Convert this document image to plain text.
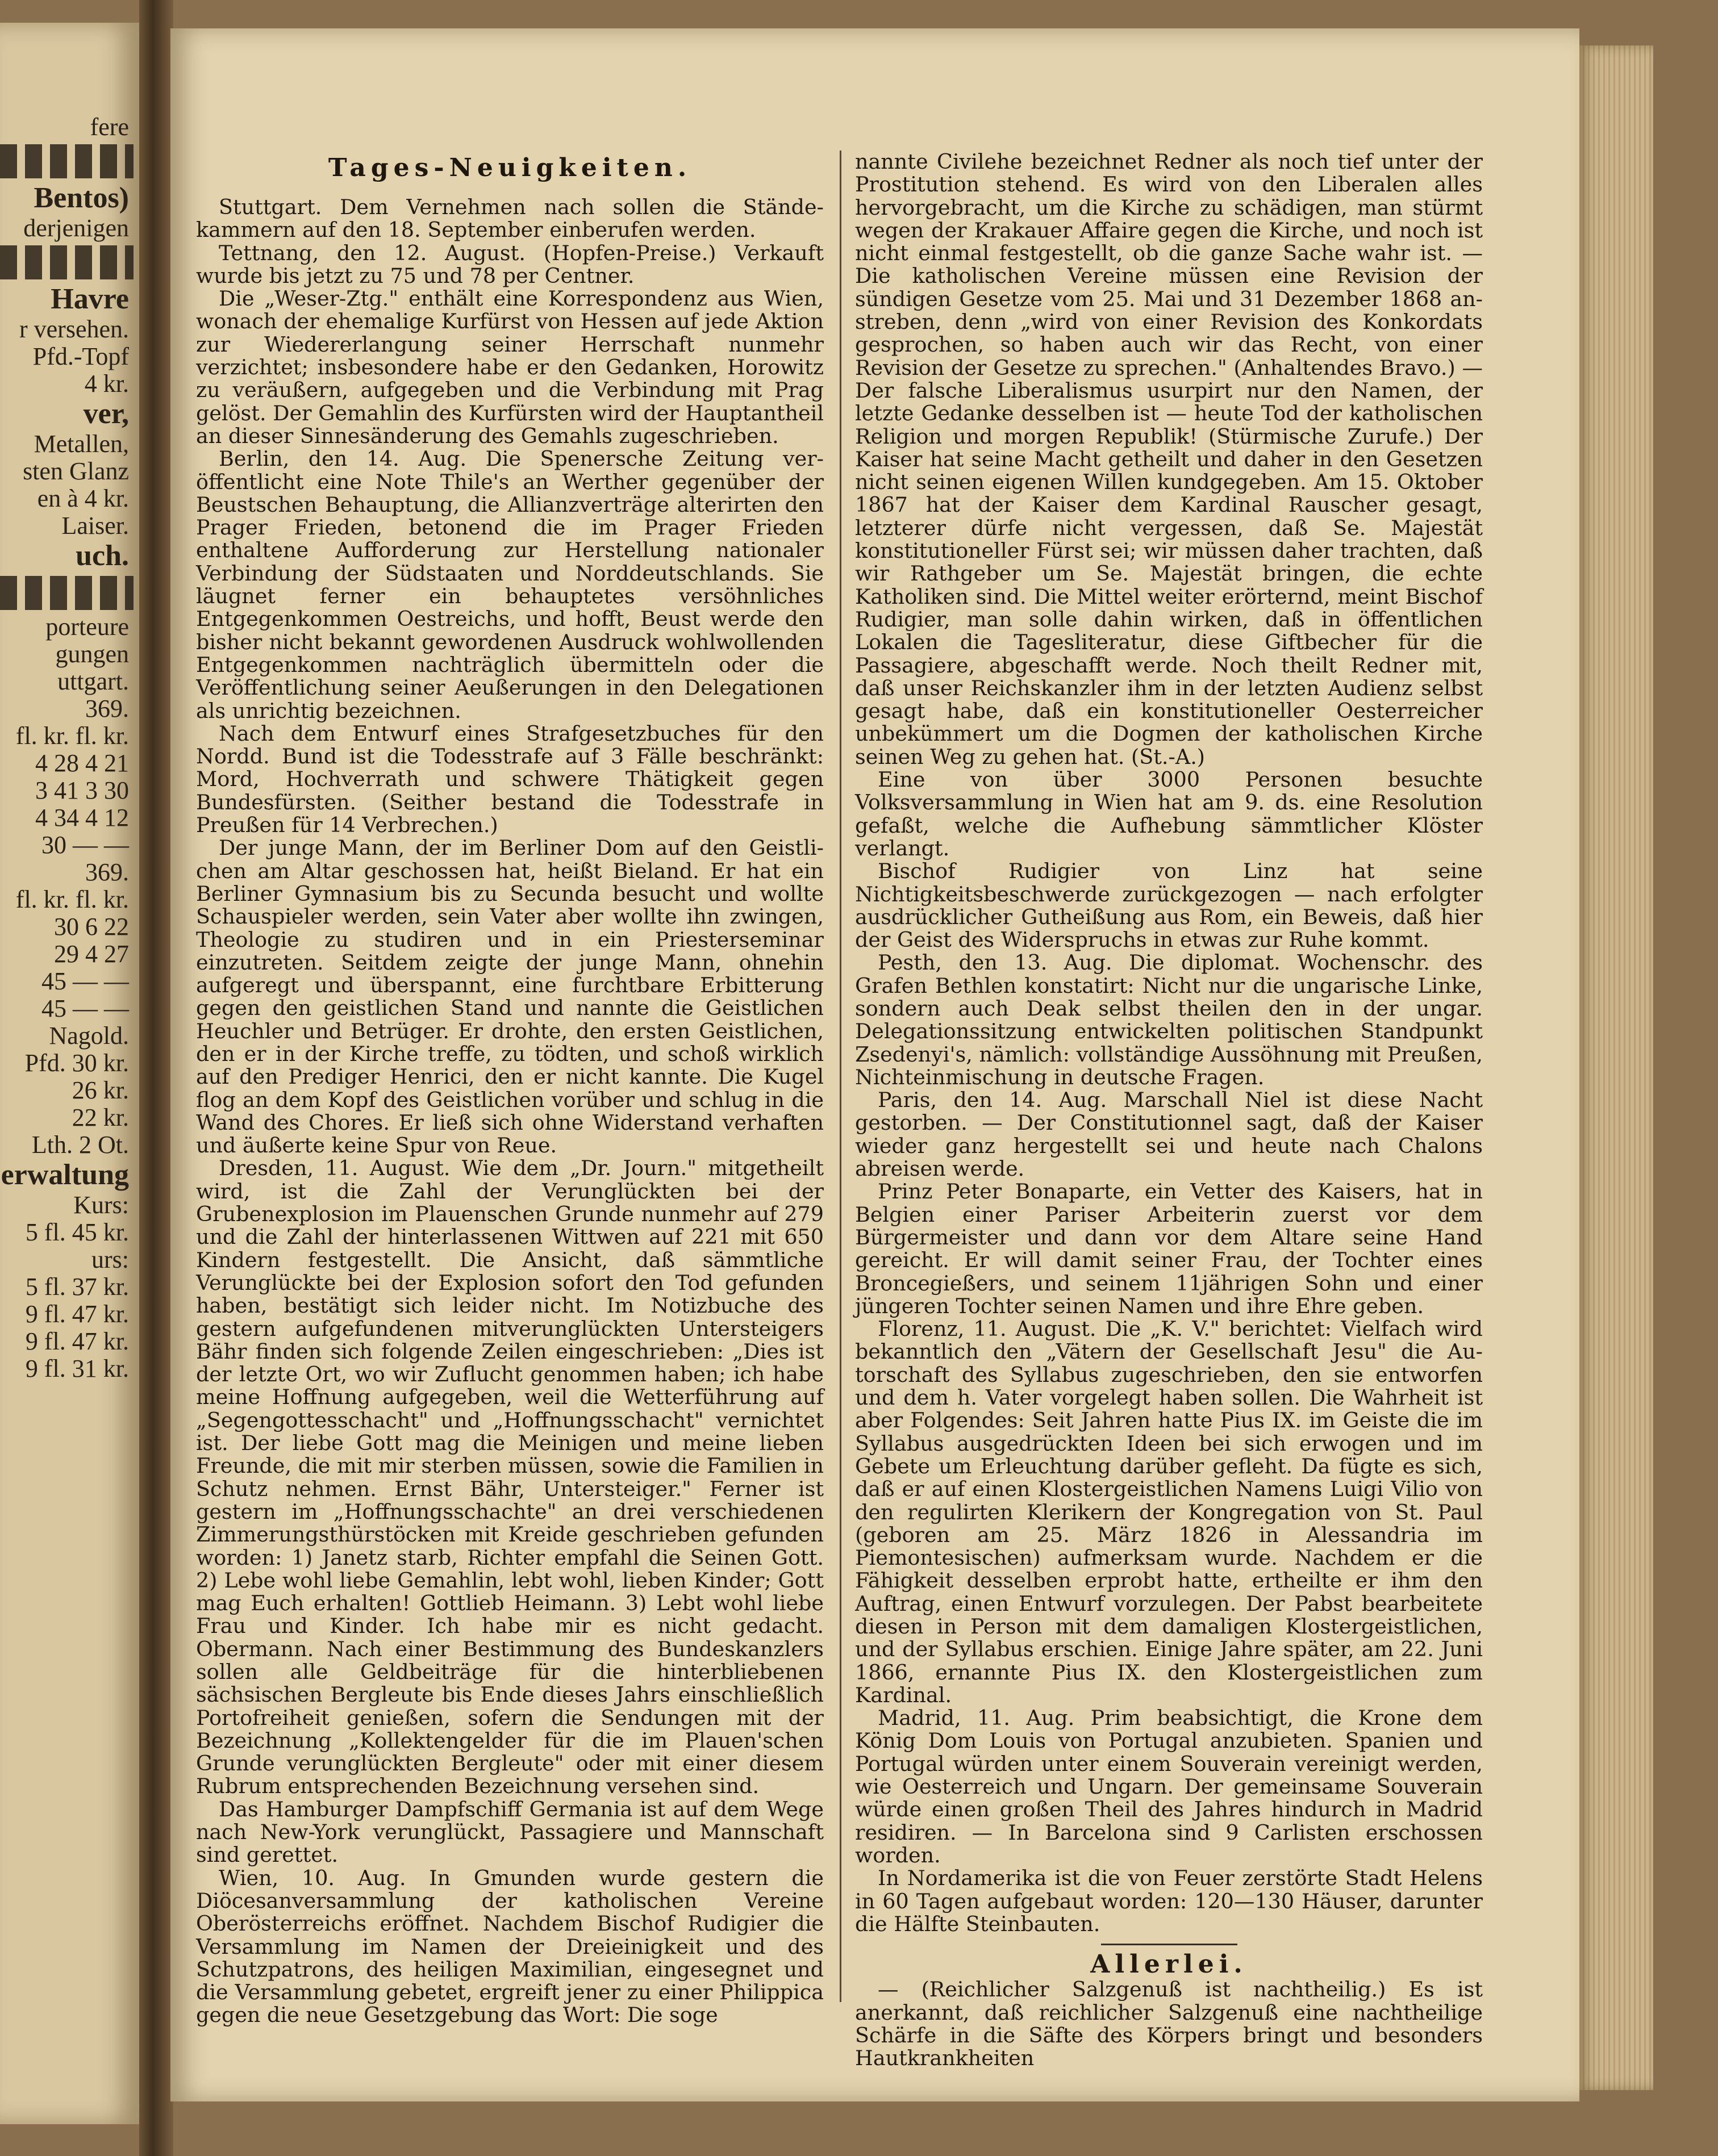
fere
Bentos)
derjenigen
Havre
r versehen.
Pfd.-Topf
4 kr.
ver,
Metallen,
sten Glanz
en à 4 kr.
Laiser.
uch.
porteure
gungen
uttgart.
369.
fl. kr. fl. kr.
4 28 4 21
3 41 3 30
4 34 4 12
30 — —
369.
fl. kr. fl. kr.
30 6 22
29 4 27
45 — —
45 — —
Nagold.
Pfd. 30 kr.
26 kr.
22 kr.
Lth. 2 Ot.
erwaltung
Kurs:
5 fl. 45 kr.
urs:
5 fl. 37 kr.
9 fl. 47 kr.
9 fl. 47 kr.
9 fl. 31 kr.
Tages-Neuigkeiten.

Stuttgart. Dem Vernehmen nach sollen die Ständekammern auf den 18. September einberufen werden.

Tettnang, den 12. August. (Hopfen-Preise.) Verkauft wurde bis jetzt zu 75 und 78 per Centner.

Die „Weser-Ztg." enthält eine Korrespondenz aus Wien, wonach der ehemalige Kurfürst von Hessen auf jede Aktion zur Wiedererlangung seiner Herrschaft nunmehr verzichtet; insbesondere habe er den Gedanken, Horowitz zu veräußern, aufgegeben und die Verbindung mit Prag gelöst. Der Gemahlin des Kurfürsten wird der Hauptantheil an dieser Sinnesänderung des Gemahls zugeschrieben.

Berlin, den 14. Aug. Die Spenersche Zeitung veröffentlicht eine Note Thile's an Werther gegenüber der Beustschen Behauptung, die Allianzverträge alterirten den Prager Frieden, betonend die im Prager Frieden enthaltene Aufforderung zur Herstellung nationaler Verbindung der Südstaaten und Norddeutschlands. Sie läugnet ferner ein behauptetes versöhnliches Entgegenkommen Oestreichs, und hofft, Beust werde den bisher nicht bekannt gewordenen Ausdruck wohlwollenden Entgegenkommen nachträglich übermitteln oder die Veröffentlichung seiner Aeußerungen in den Delegationen als unrichtig bezeichnen.

Nach dem Entwurf eines Strafgesetzbuches für den Nordd. Bund ist die Todesstrafe auf 3 Fälle beschränkt: Mord, Hochverrath und schwere Thätigkeit gegen Bundesfürsten. (Seither bestand die Todesstrafe in Preußen für 14 Verbrechen.)

Der junge Mann, der im Berliner Dom auf den Geistlichen am Altar geschossen hat, heißt Bieland. Er hat ein Berliner Gymnasium bis zu Secunda besucht und wollte Schauspieler werden, sein Vater aber wollte ihn zwingen, Theologie zu studiren und in ein Priesterseminar einzutreten. Seitdem zeigte der junge Mann, ohnehin aufgeregt und überspannt, eine furchtbare Erbitterung gegen den geistlichen Stand und nannte die Geistlichen Heuchler und Betrüger. Er drohte, den ersten Geistlichen, den er in der Kirche treffe, zu tödten, und schoß wirklich auf den Prediger Henrici, den er nicht kannte. Die Kugel flog an dem Kopf des Geistlichen vorüber und schlug in die Wand des Chores. Er ließ sich ohne Widerstand verhaften und äußerte keine Spur von Reue.

Dresden, 11. August. Wie dem „Dr. Journ." mitgetheilt wird, ist die Zahl der Verunglückten bei der Grubenexplosion im Plauenschen Grunde nunmehr auf 279 und die Zahl der hinterlassenen Wittwen auf 221 mit 650 Kindern festgestellt. Die Ansicht, daß sämmtliche Verunglückte bei der Explosion sofort den Tod gefunden haben, bestätigt sich leider nicht. Im Notizbuche des gestern aufgefundenen mitverunglückten Untersteigers Bähr finden sich folgende Zeilen eingeschrieben: „Dies ist der letzte Ort, wo wir Zuflucht genommen haben; ich habe meine Hoffnung aufgegeben, weil die Wetterführung auf „Segengottesschacht" und „Hoffnungsschacht" vernichtet ist. Der liebe Gott mag die Meinigen und meine lieben Freunde, die mit mir sterben müssen, sowie die Familien in Schutz nehmen. Ernst Bähr, Untersteiger." Ferner ist gestern im „Hoffnungsschachte" an drei verschiedenen Zimmerungsthürstöcken mit Kreide geschrieben gefunden worden: 1) Janetz starb, Richter empfahl die Seinen Gott. 2) Lebe wohl liebe Gemahlin, lebt wohl, lieben Kinder; Gott mag Euch erhalten! Gottlieb Heimann. 3) Lebt wohl liebe Frau und Kinder. Ich habe mir es nicht gedacht. Obermann. Nach einer Bestimmung des Bundeskanzlers sollen alle Geldbeiträge für die hinterbliebenen sächsischen Bergleute bis Ende dieses Jahrs einschließlich Portofreiheit genießen, sofern die Sendungen mit der Bezeichnung „Kollektengelder für die im Plauen'schen Grunde verunglückten Bergleute" oder mit einer diesem Rubrum entsprechenden Bezeichnung versehen sind.

Das Hamburger Dampfschiff Germania ist auf dem Wege nach New-York verunglückt, Passagiere und Mannschaft sind gerettet.

Wien, 10. Aug. In Gmunden wurde gestern die Diöcesanversammlung der katholischen Vereine Oberösterreichs eröffnet. Nachdem Bischof Rudigier die Versammlung im Namen der Dreieinigkeit und des Schutzpatrons, des heiligen Maximilian, eingesegnet und die Versammlung gebetet, ergreift jener zu einer Philippica gegen die neue Gesetzgebung das Wort: Die soge

nannte Civilehe bezeichnet Redner als noch tief unter der Prostitution stehend. Es wird von den Liberalen alles hervorgebracht, um die Kirche zu schädigen, man stürmt wegen der Krakauer Affaire gegen die Kirche, und noch ist nicht einmal festgestellt, ob die ganze Sache wahr ist. — Die katholischen Vereine müssen eine Revision der sündigen Gesetze vom 25. Mai und 31 Dezember 1868 anstreben, denn „wird von einer Revision des Konkordats gesprochen, so haben auch wir das Recht, von einer Revision der Gesetze zu sprechen." (Anhaltendes Bravo.) — Der falsche Liberalismus usurpirt nur den Namen, der letzte Gedanke desselben ist — heute Tod der katholischen Religion und morgen Republik! (Stürmische Zurufe.) Der Kaiser hat seine Macht getheilt und daher in den Gesetzen nicht seinen eigenen Willen kundgegeben. Am 15. Oktober 1867 hat der Kaiser dem Kardinal Rauscher gesagt, letzterer dürfe nicht vergessen, daß Se. Majestät konstitutioneller Fürst sei; wir müssen daher trachten, daß wir Rathgeber um Se. Majestät bringen, die echte Katholiken sind. Die Mittel weiter erörternd, meint Bischof Rudigier, man solle dahin wirken, daß in öffentlichen Lokalen die Tagesliteratur, diese Giftbecher für die Passagiere, abgeschafft werde. Noch theilt Redner mit, daß unser Reichskanzler ihm in der letzten Audienz selbst gesagt habe, daß ein konstitutioneller Oesterreicher unbekümmert um die Dogmen der katholischen Kirche seinen Weg zu gehen hat. (St.-A.)

Eine von über 3000 Personen besuchte Volksversammlung in Wien hat am 9. ds. eine Resolution gefaßt, welche die Aufhebung sämmtlicher Klöster verlangt.

Bischof Rudigier von Linz hat seine Nichtigkeitsbeschwerde zurückgezogen — nach erfolgter ausdrücklicher Gutheißung aus Rom, ein Beweis, daß hier der Geist des Widerspruchs in etwas zur Ruhe kommt.

Pesth, den 13. Aug. Die diplomat. Wochenschr. des Grafen Bethlen konstatirt: Nicht nur die ungarische Linke, sondern auch Deak selbst theilen den in der ungar. Delegationssitzung entwickelten politischen Standpunkt Zsedenyi's, nämlich: vollständige Aussöhnung mit Preußen, Nichteinmischung in deutsche Fragen.

Paris, den 14. Aug. Marschall Niel ist diese Nacht gestorben. — Der Constitutionnel sagt, daß der Kaiser wieder ganz hergestellt sei und heute nach Chalons abreisen werde.

Prinz Peter Bonaparte, ein Vetter des Kaisers, hat in Belgien einer Pariser Arbeiterin zuerst vor dem Bürgermeister und dann vor dem Altare seine Hand gereicht. Er will damit seiner Frau, der Tochter eines Broncegießers, und seinem 11jährigen Sohn und einer jüngeren Tochter seinen Namen und ihre Ehre geben.

Florenz, 11. August. Die „K. V." berichtet: Vielfach wird bekanntlich den „Vätern der Gesellschaft Jesu" die Autorschaft des Syllabus zugeschrieben, den sie entworfen und dem h. Vater vorgelegt haben sollen. Die Wahrheit ist aber Folgendes: Seit Jahren hatte Pius IX. im Geiste die im Syllabus ausgedrückten Ideen bei sich erwogen und im Gebete um Erleuchtung darüber gefleht. Da fügte es sich, daß er auf einen Klostergeistlichen Namens Luigi Vilio von den regulirten Klerikern der Kongregation von St. Paul (geboren am 25. März 1826 in Alessandria im Piemontesischen) aufmerksam wurde. Nachdem er die Fähigkeit desselben erprobt hatte, ertheilte er ihm den Auftrag, einen Entwurf vorzulegen. Der Pabst bearbeitete diesen in Person mit dem damaligen Klostergeistlichen, und der Syllabus erschien. Einige Jahre später, am 22. Juni 1866, ernannte Pius IX. den Klostergeistlichen zum Kardinal.

Madrid, 11. Aug. Prim beabsichtigt, die Krone dem König Dom Louis von Portugal anzubieten. Spanien und Portugal würden unter einem Souverain vereinigt werden, wie Oesterreich und Ungarn. Der gemeinsame Souverain würde einen großen Theil des Jahres hindurch in Madrid residiren. — In Barcelona sind 9 Carlisten erschossen worden.

In Nordamerika ist die von Feuer zerstörte Stadt Helens in 60 Tagen aufgebaut worden: 120—130 Häuser, darunter die Hälfte Steinbauten.

Allerlei.

— (Reichlicher Salzgenuß ist nachtheilig.) Es ist anerkannt, daß reichlicher Salzgenuß eine nachtheilige Schärfe in die Säfte des Körpers bringt und besonders Hautkrankheiten
